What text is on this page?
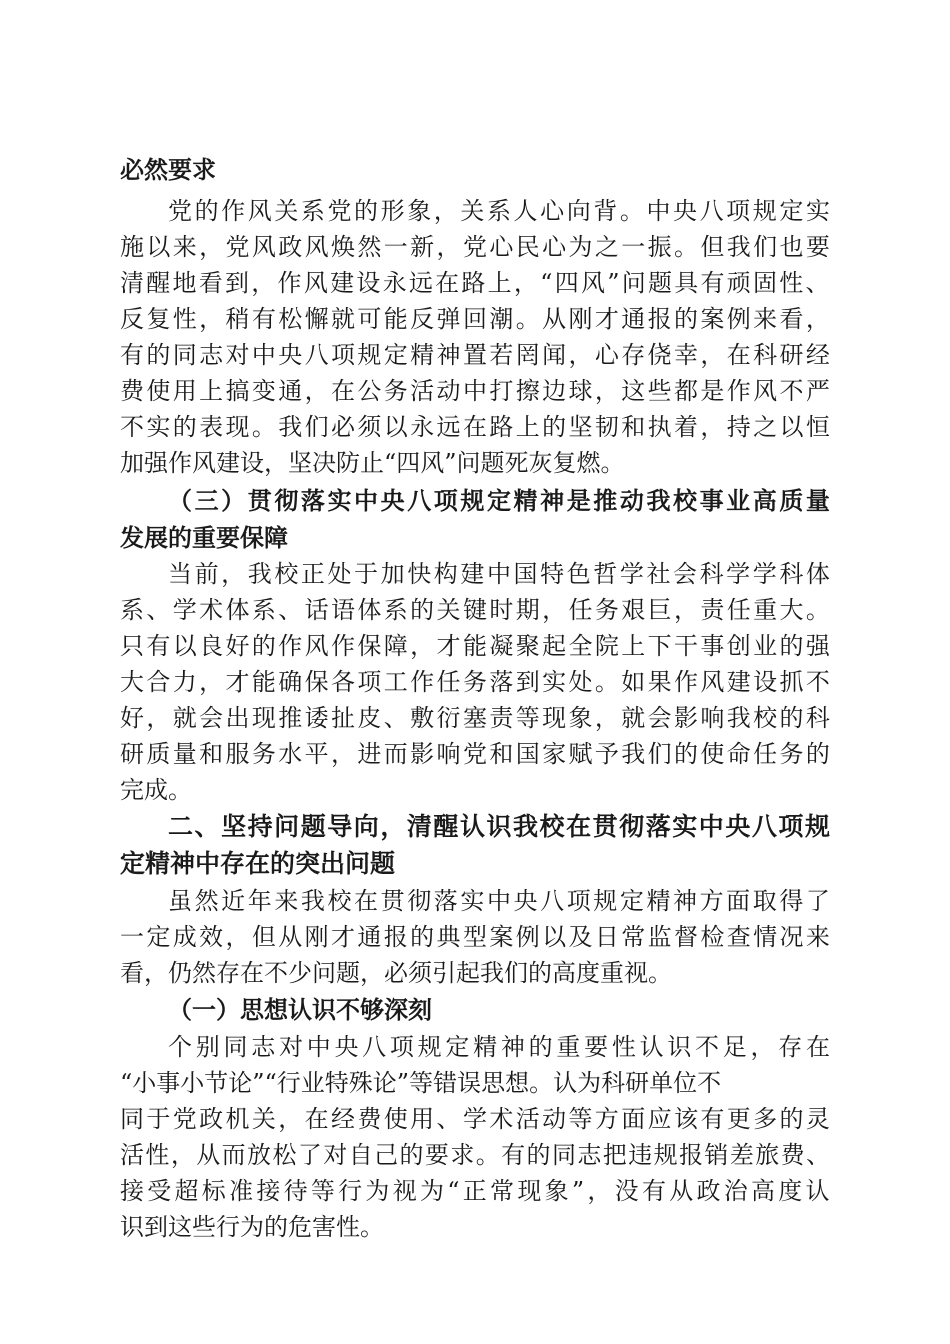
必然要求
党的作风关系党的形象，关系人心向背。中央八项规定实
施以来，党风政风焕然一新，党心民心为之一振。但我们也要
清醒地看到，作风建设永远在路上，“四风”问题具有顽固性、
反复性，稍有松懈就可能反弹回潮。从刚才通报的案例来看，
有的同志对中央八项规定精神置若罔闻，心存侥幸，在科研经
费使用上搞变通，在公务活动中打擦边球，这些都是作风不严
不实的表现。我们必须以永远在路上的坚韧和执着，持之以恒
加强作风建设，坚决防止“四风”问题死灰复燃。
（三）贯彻落实中央八项规定精神是推动我校事业高质量
发展的重要保障
当前，我校正处于加快构建中国特色哲学社会科学学科体
系、学术体系、话语体系的关键时期，任务艰巨，责任重大。
只有以良好的作风作保障，才能凝聚起全院上下干事创业的强
大合力，才能确保各项工作任务落到实处。如果作风建设抓不
好，就会出现推诿扯皮、敷衍塞责等现象，就会影响我校的科
研质量和服务水平，进而影响党和国家赋予我们的使命任务的
完成。
二、坚持问题导向，清醒认识我校在贯彻落实中央八项规
定精神中存在的突出问题
虽然近年来我校在贯彻落实中央八项规定精神方面取得了
一定成效，但从刚才通报的典型案例以及日常监督检查情况来
看，仍然存在不少问题，必须引起我们的高度重视。
（一）思想认识不够深刻
个别同志对中央八项规定精神的重要性认识不足，存在
“小事小节论”“行业特殊论”等错误思想。认为科研单位不
同于党政机关，在经费使用、学术活动等方面应该有更多的灵
活性，从而放松了对自己的要求。有的同志把违规报销差旅费、
接受超标准接待等行为视为“正常现象”，没有从政治高度认
识到这些行为的危害性。
